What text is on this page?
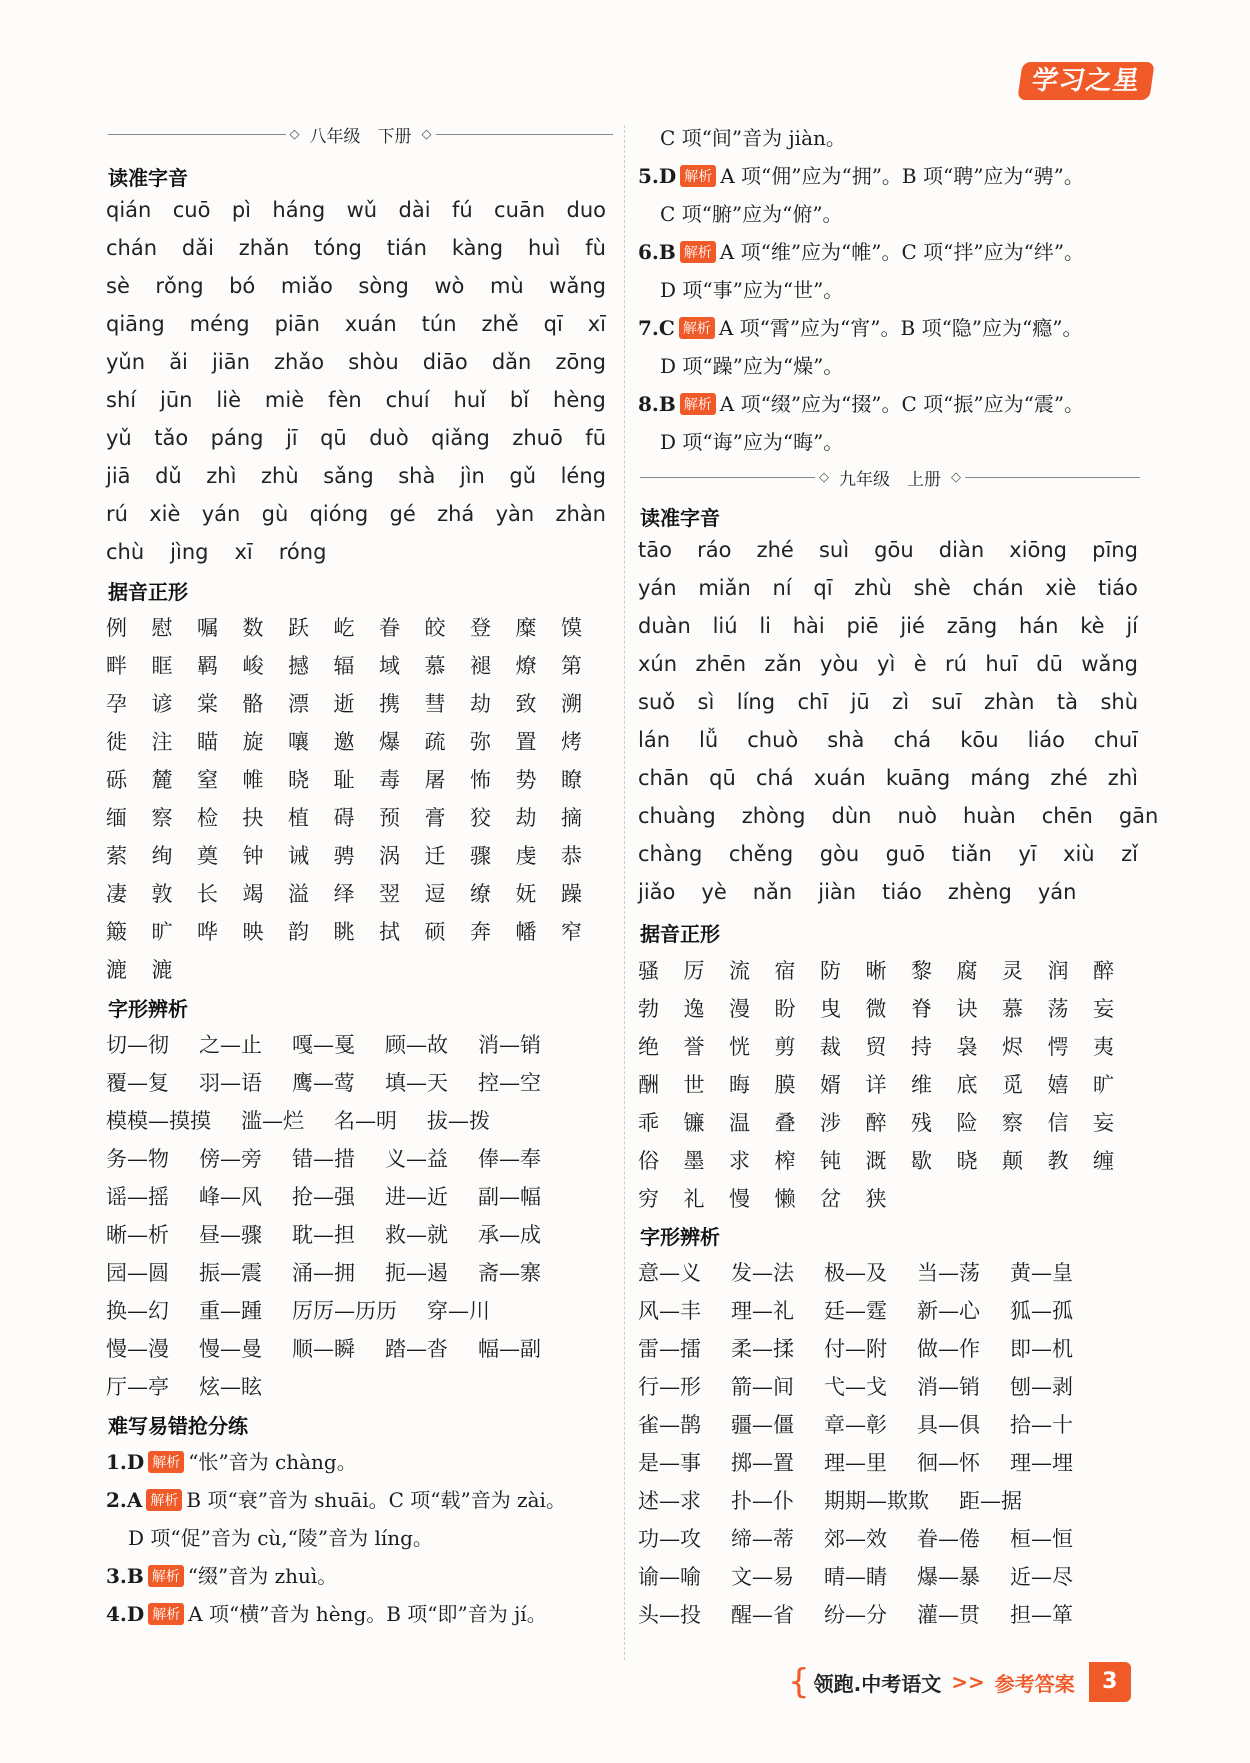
学习之星 ®
◇ 八年级　下册 ◇
读准字音
qián cuō pì háng wǔ dài fú cuān duo
chán dǎi zhǎn tóng tián kàng huì fù
sè rǒng bó miǎo sòng wò mù wǎng
qiāng méng piān xuán tún zhě qī xī
yǔn ǎi jiān zhǎo shòu diāo dǎn zōng
shí jūn liè miè fèn chuí huǐ bǐ hèng
yǔ tǎo páng jī qū duò qiǎng zhuō fū
jiā dǔ zhì zhù sǎng shà jìn gǔ léng
rú xiè yán gù qióng gé zhá yàn zhàn
chù jìng xī róng
据音正形
例	慰	嘱	数	跃	屹	眷	皎	登	糜	馍
畔	眶	羁	峻	撼	辐	域	慕	褪	燎	第
孕	谚	棠	骼	漂	逝	携	彗	劫	致	溯
徙	注	瞄	旋	嚷	邀	爆	疏	弥	置	烤
砾	麓	窒	帷	晓	耻	毒	屠	怖	势	瞭
缅	察	检	抉	植	碍	预	膏	狡	劫	摘
萦	绚	奠	钟	诫	骋	涡	迁	骤	虔	恭
凄	敦	长	竭	溢	绎	翌	逗	缭	妩	躁
簸	旷	哗	映	韵	眺	拭	硕	奔	幡	窄
漉	漉
字形辨析
切—彻 之—止 嘎—戛 顾—故 消—销
覆—复 羽—语 鹰—莺 填—天 控—空
模模—摸摸 滥—烂 名—明 拔—拨
务—物 傍—旁 错—措 义—益 俸—奉
谣—摇 峰—风 抢—强 进—近 副—幅
晰—析 昼—骤 耽—担 救—就 承—成
园—圆 振—震 涌—拥 扼—遏 斋—寨
换—幻 重—踵 厉厉—历历 穿—川
慢—漫 慢—曼 顺—瞬 踏—沓 幅—副
厅—亭 炫—眩
难写易错抢分练
1.D 解析 “怅”音为 chàng。
2.A 解析 B 项“衰”音为 shuāi。C 项“载”音为 zài。
D 项“促”音为 cù,“陵”音为 líng。
3.B 解析 “缀”音为 zhuì。
4.D 解析 A 项“横”音为 hèng。B 项“即”音为 jí。
C 项“间”音为 jiàn。
5.D 解析 A 项“佣”应为“拥”。B 项“聘”应为“骋”。
C 项“腑”应为“俯”。
6.B 解析 A 项“维”应为“帷”。C 项“拌”应为“绊”。
D 项“事”应为“世”。
7.C 解析 A 项“霄”应为“宵”。B 项“隐”应为“瘾”。
D 项“躁”应为“燥”。
8.B 解析 A 项“缀”应为“掇”。C 项“振”应为“震”。
D 项“诲”应为“晦”。
◇ 九年级　上册 ◇
读准字音
tāo ráo zhé suì gōu diàn xiōng pīng
yán miǎn ní qī zhù shè chán xiè tiáo
duàn liú li hài piē jié zāng hán kè jí
xún zhēn zǎn yòu yì è rú huī dū wǎng
suǒ sì líng chī jū zì suī zhàn tà shù
lán lǚ chuò shà chá kōu liáo chuī
chān qū chá xuán kuāng máng zhé zhì
chuàng zhòng dùn nuò huàn chēn gān
chàng chěng gòu guō tiǎn yī xiù zǐ
jiǎo yè nǎn jiàn tiáo zhèng yán
据音正形
骚	厉	流	宿	防	晰	黎	腐	灵	润	醉
勃	逸	漫	盼	曳	微	脊	诀	慕	荡	妄
绝	誉	恍	剪	裁	贸	持	袅	烬	愕	夷
酬	世	晦	膜	婿	详	维	底	觅	嬉	旷
乖	镰	温	叠	涉	醉	残	险	察	信	妄
俗	墨	求	榨	钝	溉	歇	晓	颠	教	缠
穷	礼	慢	懒	岔	狭
字形辨析
意—义 发—法 极—及 当—荡 黄—皇
风—丰 理—礼 廷—霆 新—心 狐—孤
雷—擂 柔—揉 付—附 做—作 即—机
行—形 箭—间 弋—戈 消—销 刨—剥
雀—鹊 疆—僵 章—彰 具—俱 拾—十
是—事 掷—置 理—里 徊—怀 理—埋
述—求 扑—仆 期期—欺欺 距—据
功—攻 缔—蒂 郊—效 眷—倦 桓—恒
谕—喻 文—易 晴—睛 爆—暴 近—尽
头—投 醒—省 纷—分 灌—贯 担—箪
{ 领跑.中考语文 >> 参考答案	3
